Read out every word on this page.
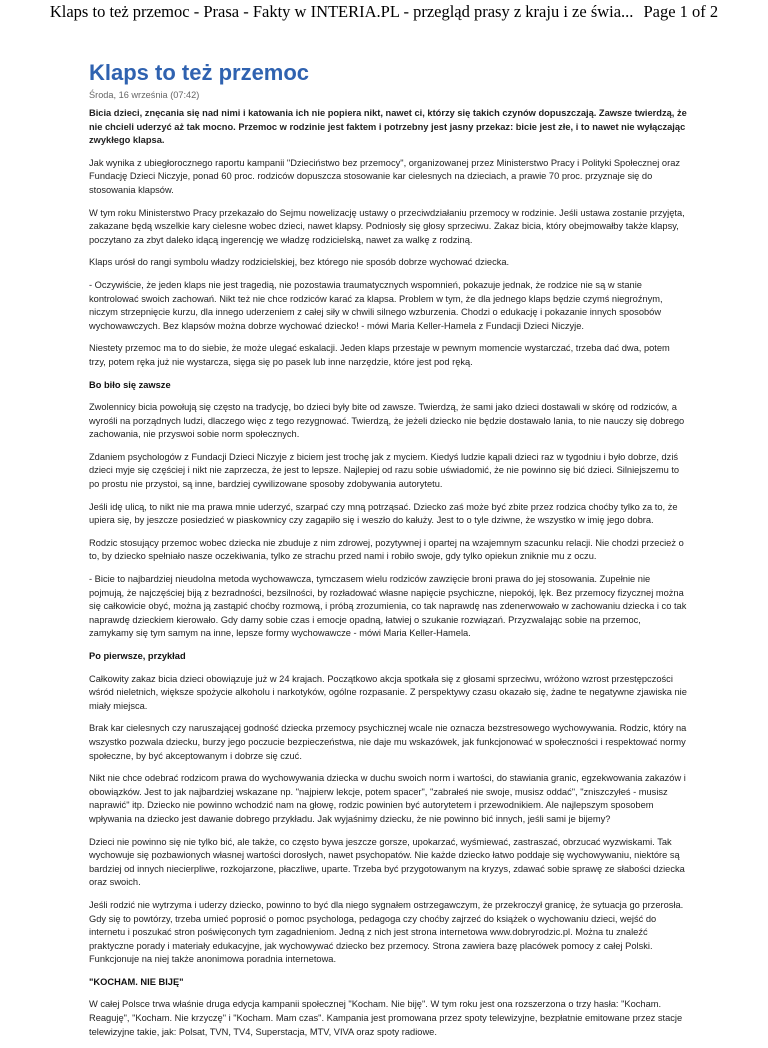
Klaps to też przemoc - Prasa - Fakty w INTERIA.PL - przegląd prasy z kraju i ze świa... Page 1 of 2
Klaps to też przemoc
Środa, 16 września (07:42)

Bicia dzieci, znęcania się nad nimi i katowania ich nie popiera nikt, nawet ci, którzy się takich czynów dopuszczają. Zawsze twierdzą, że nie chcieli uderzyć aż tak mocno. Przemoc w rodzinie jest faktem i potrzebny jest jasny przekaz: bicie jest złe, i to nawet nie wyłączając zwykłego klapsa.

Jak wynika z ubiegłorocznego raportu kampanii "Dzieciństwo bez przemocy", organizowanej przez Ministerstwo Pracy i Polityki Społecznej oraz Fundację Dzieci Niczyje, ponad 60 proc. rodziców dopuszcza stosowanie kar cielesnych na dzieciach, a prawie 70 proc. przyznaje się do stosowania klapsów.

W tym roku Ministerstwo Pracy przekazało do Sejmu nowelizację ustawy o przeciwdziałaniu przemocy w rodzinie. Jeśli ustawa zostanie przyjęta, zakazane będą wszelkie kary cielesne wobec dzieci, nawet klapsy. Podniosły się głosy sprzeciwu. Zakaz bicia, który obejmowałby także klapsy, poczytano za zbyt daleko idącą ingerencję we władzę rodzicielską, nawet za walkę z rodziną.

Klaps urósł do rangi symbolu władzy rodzicielskiej, bez którego nie sposób dobrze wychować dziecka.

- Oczywiście, że jeden klaps nie jest tragedią, nie pozostawia traumatycznych wspomnień, pokazuje jednak, że rodzice nie są w stanie kontrolować swoich zachowań. Nikt też nie chce rodziców karać za klapsa. Problem w tym, że dla jednego klaps będzie czymś niegroźnym, niczym strzepnięcie kurzu, dla innego uderzeniem z całej siły w chwili silnego wzburzenia. Chodzi o edukację i pokazanie innych sposobów wychowawczych. Bez klapsów można dobrze wychować dziecko! - mówi Maria Keller-Hamela z Fundacji Dzieci Niczyje.

Niestety przemoc ma to do siebie, że może ulegać eskalacji. Jeden klaps przestaje w pewnym momencie wystarczać, trzeba dać dwa, potem trzy, potem ręka już nie wystarcza, sięga się po pasek lub inne narzędzie, które jest pod ręką.

Bo biło się zawsze

Zwolennicy bicia powołują się często na tradycję, bo dzieci były bite od zawsze. Twierdzą, że sami jako dzieci dostawali w skórę od rodziców, a wyrośli na porządnych ludzi, dlaczego więc z tego rezygnować. Twierdzą, że jeżeli dziecko nie będzie dostawało lania, to nie nauczy się dobrego zachowania, nie przyswoi sobie norm społecznych.

Zdaniem psychologów z Fundacji Dzieci Niczyje z biciem jest trochę jak z myciem. Kiedyś ludzie kąpali dzieci raz w tygodniu i było dobrze, dziś dzieci myje się częściej i nikt nie zaprzecza, że jest to lepsze. Najlepiej od razu sobie uświadomić, że nie powinno się bić dzieci. Silniejszemu to po prostu nie przystoi, są inne, bardziej cywilizowane sposoby zdobywania autorytetu.

Jeśli idę ulicą, to nikt nie ma prawa mnie uderzyć, szarpać czy mną potrząsać. Dziecko zaś może być zbite przez rodzica choćby tylko za to, że upiera się, by jeszcze posiedzieć w piaskownicy czy zagapiło się i weszło do kałuży. Jest to o tyle dziwne, że wszystko w imię jego dobra.

Rodzic stosujący przemoc wobec dziecka nie zbuduje z nim zdrowej, pozytywnej i opartej na wzajemnym szacunku relacji. Nie chodzi przecież o to, by dziecko spełniało nasze oczekiwania, tylko ze strachu przed nami i robiło swoje, gdy tylko opiekun zniknie mu z oczu.

- Bicie to najbardziej nieudolna metoda wychowawcza, tymczasem wielu rodziców zawzięcie broni prawa do jej stosowania. Zupełnie nie pojmują, że najczęściej biją z bezradności, bezsilności, by rozładować własne napięcie psychiczne, niepokój, lęk. Bez przemocy fizycznej można się całkowicie obyć, można ją zastąpić choćby rozmową, i próbą zrozumienia, co tak naprawdę nas zdenerwowało w zachowaniu dziecka i co tak naprawdę dzieckiem kierowało. Gdy damy sobie czas i emocje opadną, łatwiej o szukanie rozwiązań. Przyzwalając sobie na przemoc, zamykamy się tym samym na inne, lepsze formy wychowawcze - mówi Maria Keller-Hamela.

Po pierwsze, przykład

Całkowity zakaz bicia dzieci obowiązuje już w 24 krajach. Początkowo akcja spotkała się z głosami sprzeciwu, wróżono wzrost przestępczości wśród nieletnich, większe spożycie alkoholu i narkotyków, ogólne rozpasanie. Z perspektywy czasu okazało się, żadne te negatywne zjawiska nie miały miejsca.

Brak kar cielesnych czy naruszającej godność dziecka przemocy psychicznej wcale nie oznacza bezstresowego wychowywania. Rodzic, który na wszystko pozwala dziecku, burzy jego poczucie bezpieczeństwa, nie daje mu wskazówek, jak funkcjonować w społeczności i respektować normy społeczne, by być akceptowanym i dobrze się czuć.

Nikt nie chce odebrać rodzicom prawa do wychowywania dziecka w duchu swoich norm i wartości, do stawiania granic, egzekwowania zakazów i obowiązków. Jest to jak najbardziej wskazane np. "najpierw lekcje, potem spacer", "zabrałeś nie swoje, musisz oddać", "zniszczyłeś - musisz naprawić" itp. Dziecko nie powinno wchodzić nam na głowę, rodzic powinien być autorytetem i przewodnikiem. Ale najlepszym sposobem wpływania na dziecko jest dawanie dobrego przykładu. Jak wyjaśnimy dziecku, że nie powinno bić innych, jeśli sami je bijemy?

Dzieci nie powinno się nie tylko bić, ale także, co często bywa jeszcze gorsze, upokarzać, wyśmiewać, zastraszać, obrzucać wyzwiskami. Tak wychowuje się pozbawionych własnej wartości dorosłych, nawet psychopatów. Nie każde dziecko łatwo poddaje się wychowywaniu, niektóre są bardziej od innych niecierpliwe, rozkojarzone, płaczliwe, uparte. Trzeba być przygotowanym na kryzys, zdawać sobie sprawę ze słabości dziecka oraz swoich.

Jeśli rodzić nie wytrzyma i uderzy dziecko, powinno to być dla niego sygnałem ostrzegawczym, że przekroczył granicę, że sytuacja go przerosła. Gdy się to powtórzy, trzeba umieć poprosić o pomoc psychologa, pedagoga czy choćby zajrzeć do książek o wychowaniu dzieci, wejść do internetu i poszukać stron poświęconych tym zagadnieniom. Jedną z nich jest strona internetowa www.dobryrodzic.pl. Można tu znaleźć praktyczne porady i materiały edukacyjne, jak wychowywać dziecko bez przemocy. Strona zawiera bazę placówek pomocy z całej Polski. Funkcjonuje na niej także anonimowa poradnia internetowa.

"KOCHAM. NIE BIJĘ"

W całej Polsce trwa właśnie druga edycja kampanii społecznej "Kocham. Nie biję". W tym roku jest ona rozszerzona o trzy hasła: "Kocham. Reaguję", "Kocham. Nie krzyczę" i "Kocham. Mam czas". Kampania jest promowana przez spoty telewizyjne, bezpłatnie emitowane przez stacje telewizyjne takie, jak: Polsat, TVN, TV4, Superstacja, MTV, VIVA oraz spoty radiowe.
